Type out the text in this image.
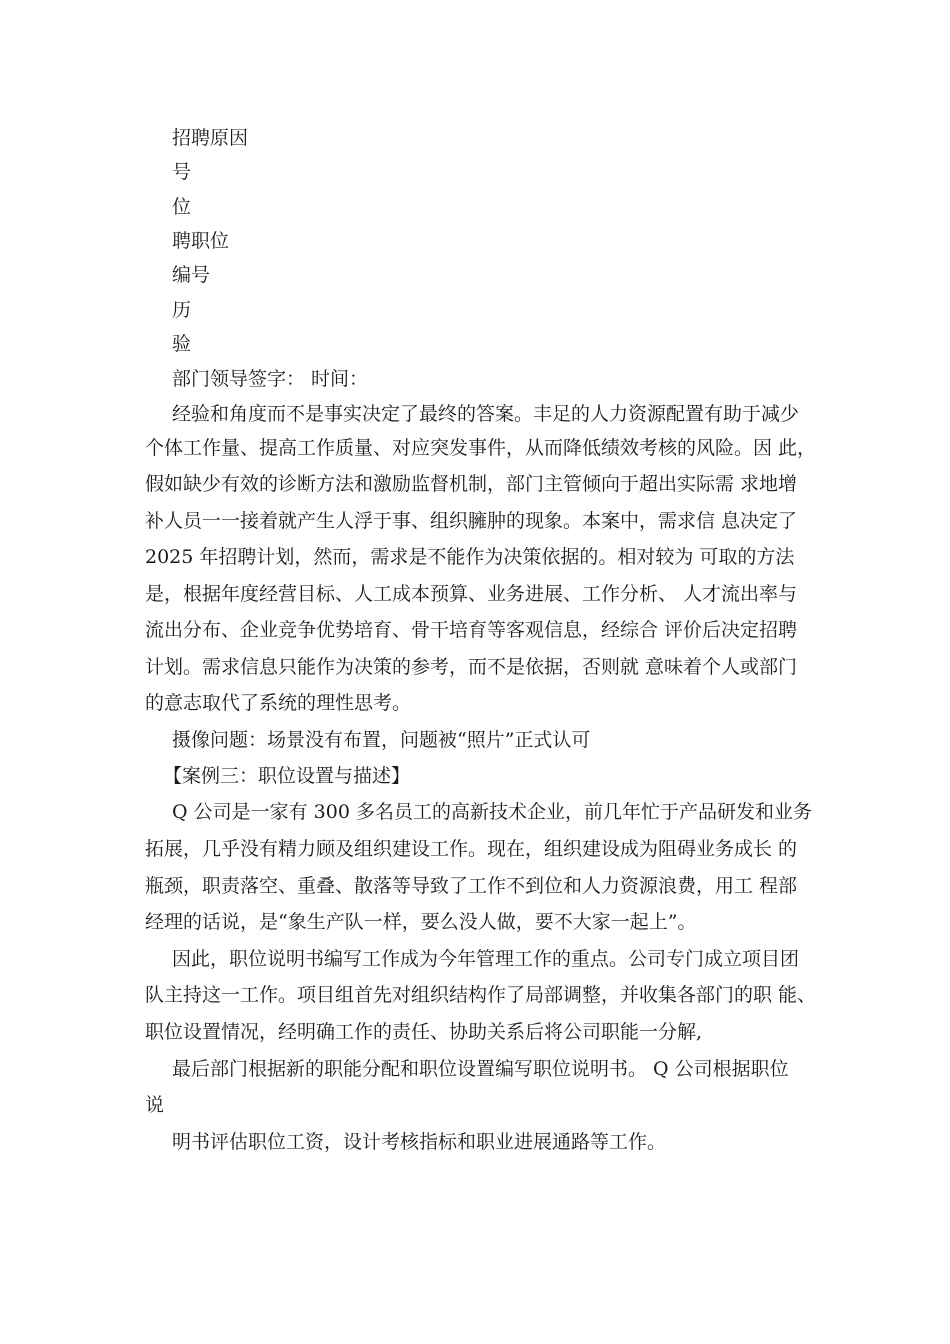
招聘原因
号
位
聘职位
编号
历
验
部门领导签字： 时间：
经验和角度而不是事实决定了最终的答案。丰足的人力资源配置有助于减少
个体工作量、提高工作质量、对应突发事件，从而降低绩效考核的风险。因 此，
假如缺少有效的诊断方法和激励监督机制，部门主管倾向于超出实际需 求地增
补人员一一接着就产生人浮于事、组织臃肿的现象。本案中，需求信 息决定了
2025 年招聘计划，然而，需求是不能作为决策依据的。相对较为 可取的方法
是，根据年度经营目标、人工成本预算、业务进展、工作分析、 人才流出率与
流出分布、企业竞争优势培育、骨干培育等客观信息，经综合 评价后决定招聘
计划。需求信息只能作为决策的参考，而不是依据，否则就 意味着个人或部门
的意志取代了系统的理性思考。
摄像问题：场景没有布置，问题被“照片”正式认可
【案例三：职位设置与描述】
Q 公司是一家有 300 多名员工的高新技术企业，前几年忙于产品研发和业务
拓展，几乎没有精力顾及组织建设工作。现在，组织建设成为阻碍业务成长 的
瓶颈，职责落空、重叠、散落等导致了工作不到位和人力资源浪费，用工 程部
经理的话说，是“象生产队一样，要么没人做，要不大家一起上”。
因此，职位说明书编写工作成为今年管理工作的重点。公司专门成立项目团
队主持这一工作。项目组首先对组织结构作了局部调整，并收集各部门的职 能、
职位设置情况，经明确工作的责任、协助关系后将公司职能一分解,
最后部门根据新的职能分配和职位设置编写职位说明书。 Q 公司根据职位
说
明书评估职位工资，设计考核指标和职业进展通路等工作。
